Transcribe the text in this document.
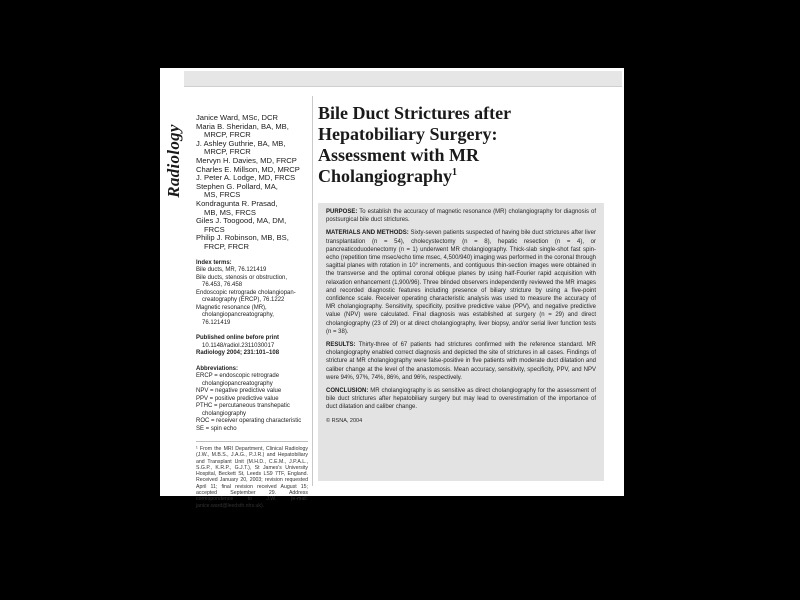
Radiology
Janice Ward, MSc, DCR
Maria B. Sheridan, BA, MB,
MRCP, FRCR
J. Ashley Guthrie, BA, MB,
MRCP, FRCR
Mervyn H. Davies, MD, FRCP
Charles E. Millson, MD, MRCP
J. Peter A. Lodge, MD, FRCS
Stephen G. Pollard, MA,
MS, FRCS
Kondragunta R. Prasad,
MB, MS, FRCS
Giles J. Toogood, MA, DM,
FRCS
Philip J. Robinson, MB, BS,
FRCP, FRCR
Index terms:
Bile ducts, MR, 76.121419
Bile ducts, stenosis or obstruction,
76.453, 76.458
Endoscopic retrograde cholangiopan-
creatography (ERCP), 76.1222
Magnetic resonance (MR),
cholangiopancreatography,
76.121419
Published online before print
10.1148/radiol.2311030017
Radiology 2004; 231:101–108
Abbreviations:
ERCP = endoscopic retrograde
cholangiopancreatography
NPV = negative predictive value
PPV = positive predictive value
PTHC = percutaneous transhepatic
cholangiography
ROC = receiver operating characteristic
SE = spin echo
¹ From the MRI Department, Clinical Radiology (J.W., M.B.S., J.A.G., P.J.R.) and Hepatobiliary and Transplant Unit (M.H.D., C.E.M., J.P.A.L., S.G.P., K.R.P., G.J.T.), St James's University Hospital, Beckett St, Leeds LS9 7TF, England. Received January 20, 2003; revision requested April 11; final revision received August 15; accepted September 29. Address correspondence to J.W. (e-mail: janice.ward@leedsth.nhs.uk).
Bile Duct Strictures after
Hepatobiliary Surgery:
Assessment with MR
Cholangiography$^1$

PURPOSE: To establish the accuracy of magnetic resonance (MR) cholangiography for diagnosis of postsurgical bile duct strictures.

MATERIALS AND METHODS: Sixty-seven patients suspected of having bile duct strictures after liver transplantation (n = 54), cholecystectomy (n = 8), hepatic resection (n = 4), or pancreaticoduodenectomy (n = 1) underwent MR cholangiography. Thick-slab single-shot fast spin-echo (repetition time msec/echo time msec, 4,500/940) imaging was performed in the coronal through sagittal planes with rotation in 10° increments, and contiguous thin-section images were obtained in the transverse and the optimal coronal oblique planes by using half-Fourier rapid acquisition with relaxation enhancement (1,900/96). Three blinded observers independently reviewed the MR images and recorded diagnostic features including presence of biliary stricture by using a five-point confidence scale. Receiver operating characteristic analysis was used to measure the accuracy of MR cholangiography. Sensitivity, specificity, positive predictive value (PPV), and negative predictive value (NPV) were calculated. Final diagnosis was established at surgery (n = 29) and direct cholangiography (23 of 29) or at direct cholangiography, liver biopsy, and/or serial liver function tests (n = 38).

RESULTS: Thirty-three of 67 patients had strictures confirmed with the reference standard. MR cholangiography enabled correct diagnosis and depicted the site of strictures in all cases. Findings of stricture at MR cholangiography were false-positive in five patients with moderate duct dilatation and caliber change at the level of the anastomosis. Mean accuracy, sensitivity, specificity, PPV, and NPV were 94%, 97%, 74%, 86%, and 96%, respectively.

CONCLUSION: MR cholangiography is as sensitive as direct cholangiography for the assessment of bile duct strictures after hepatobiliary surgery but may lead to overestimation of the importance of duct dilatation and caliber change.

© RSNA, 2004
